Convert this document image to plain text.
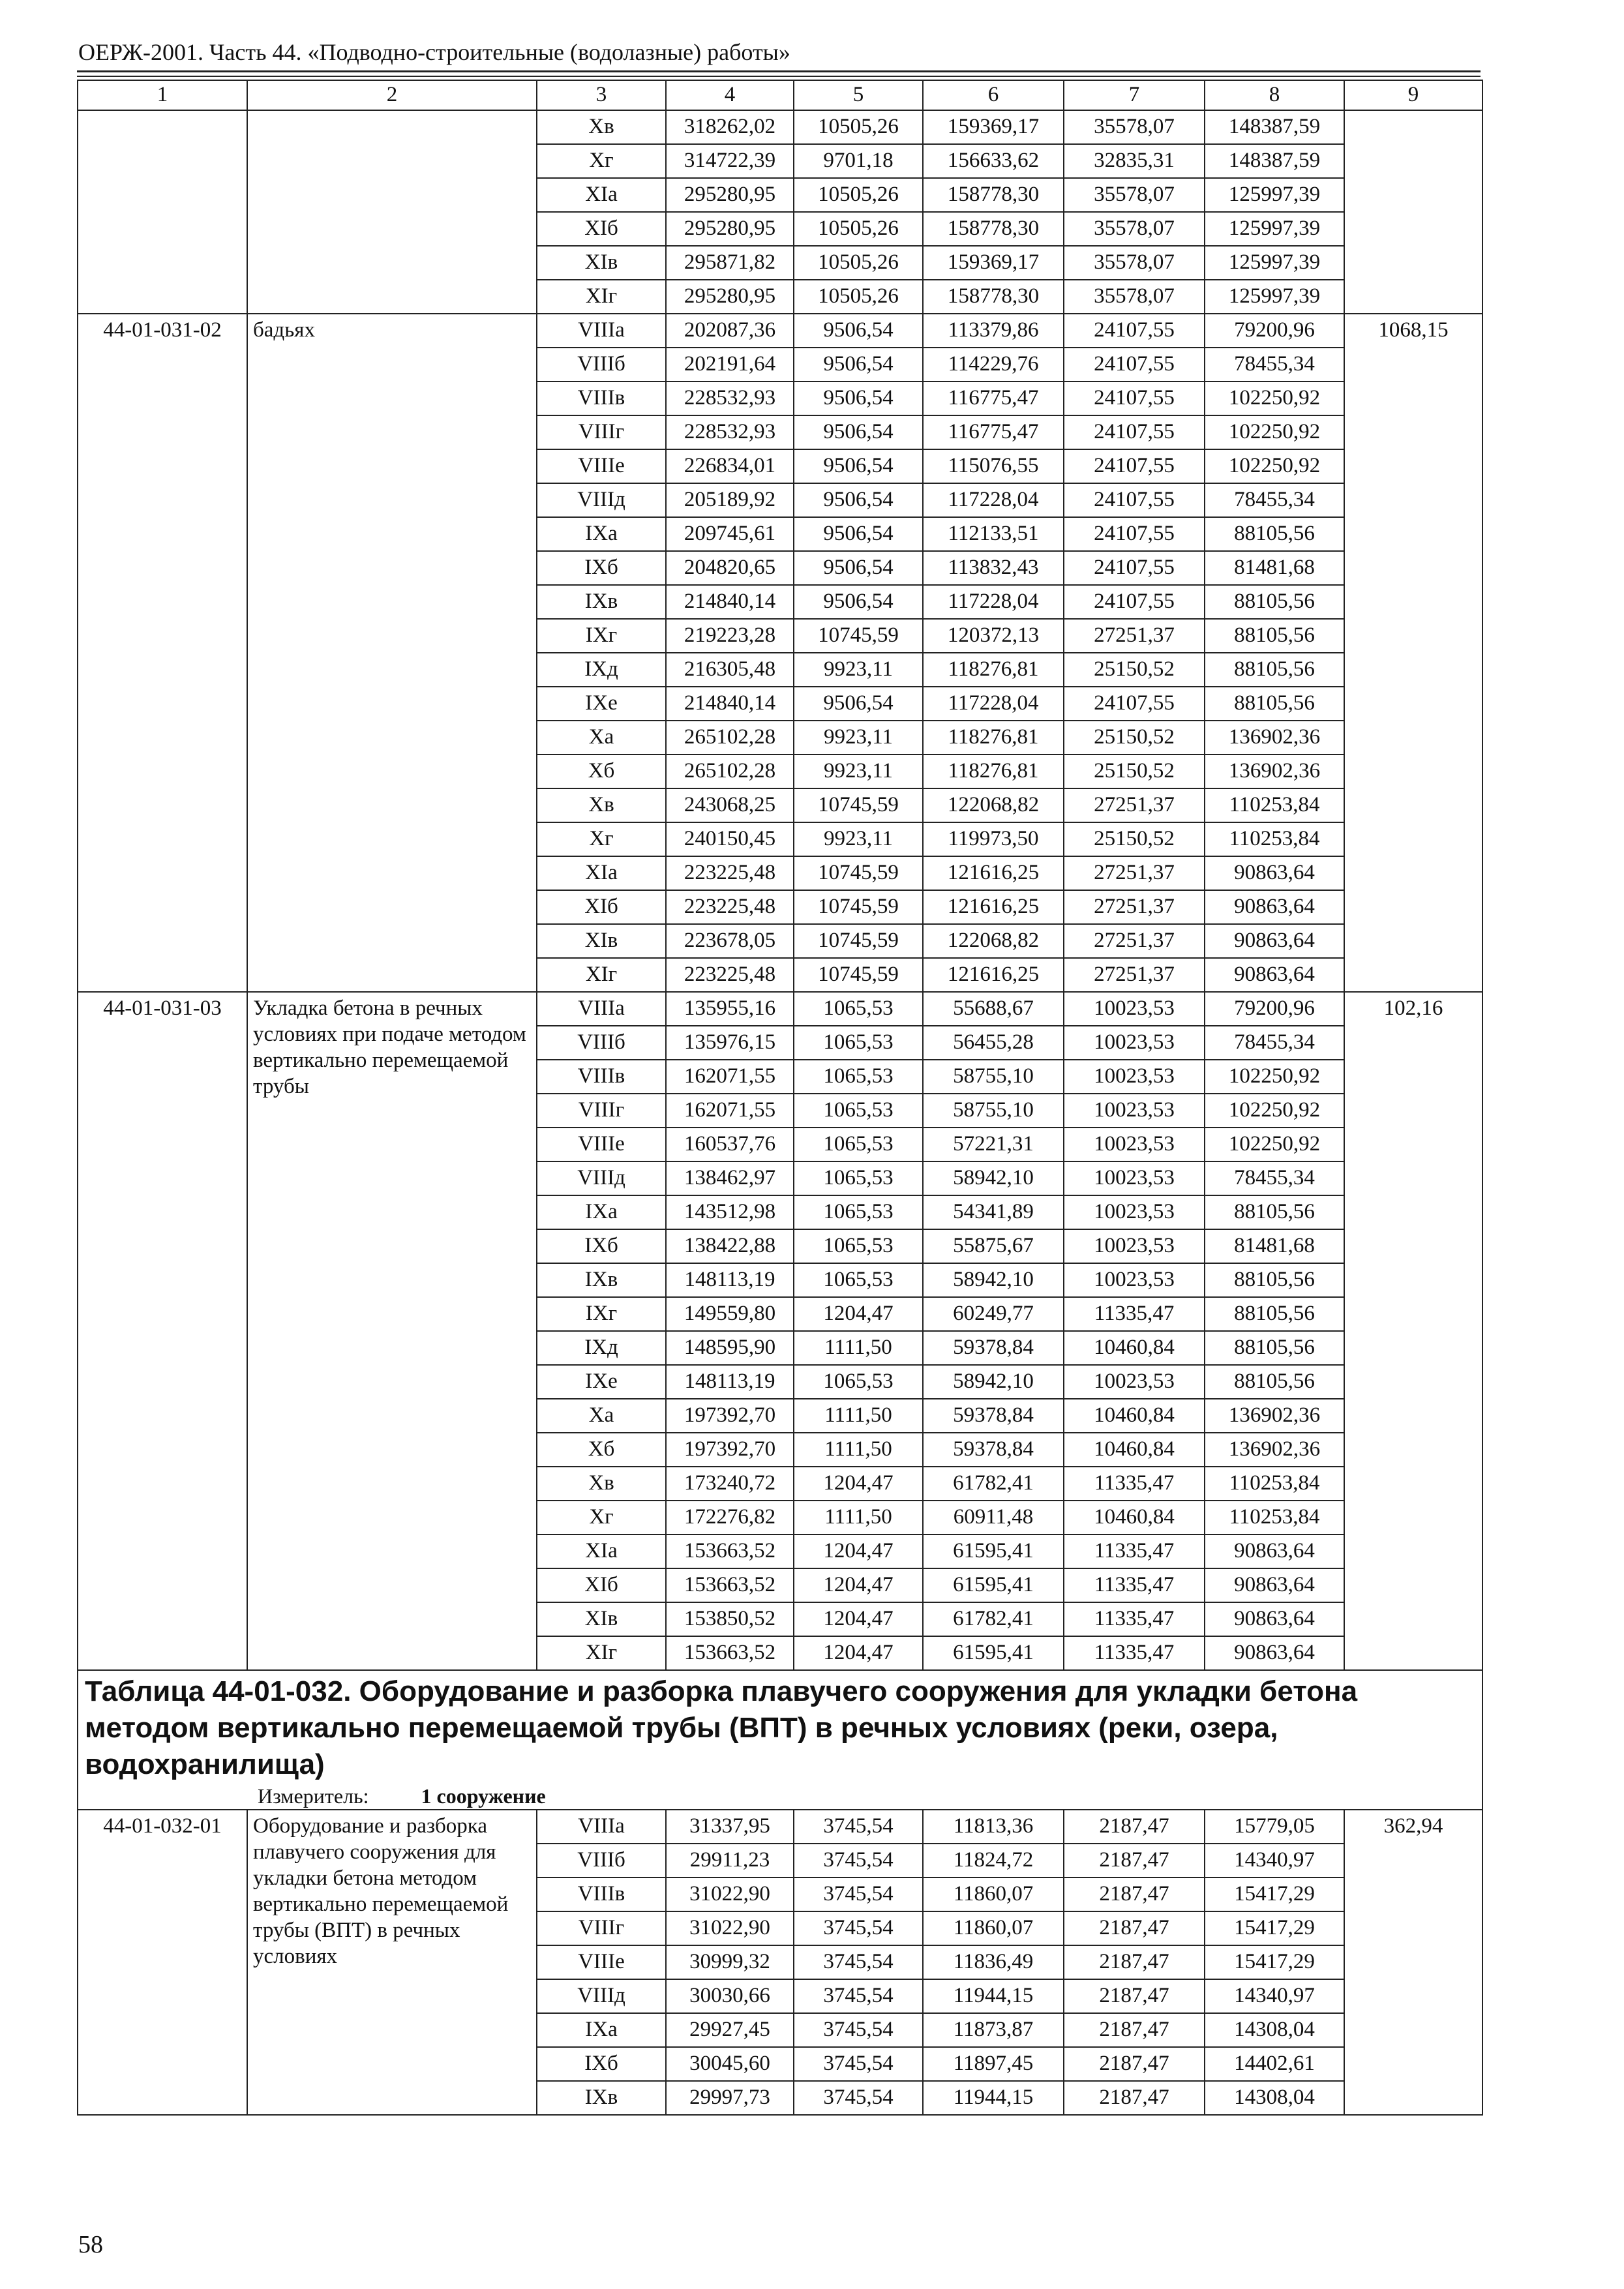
ОЕРЖ-2001. Часть 44. «Подводно-строительные (водолазные) работы»
1	2	3	4	5	6	7	8	9
		Хв	318262,02	10505,26	159369,17	35578,07	148387,59	
		Хг	314722,39	9701,18	156633,62	32835,31	148387,59	
		ХIа	295280,95	10505,26	158778,30	35578,07	125997,39	
		ХIб	295280,95	10505,26	158778,30	35578,07	125997,39	
		ХIв	295871,82	10505,26	159369,17	35578,07	125997,39	
		ХIг	295280,95	10505,26	158778,30	35578,07	125997,39	
44-01-031-02	бадьях	VIIIа	202087,36	9506,54	113379,86	24107,55	79200,96	1068,15
		VIIIб	202191,64	9506,54	114229,76	24107,55	78455,34	
		VIIIв	228532,93	9506,54	116775,47	24107,55	102250,92	
		VIIIг	228532,93	9506,54	116775,47	24107,55	102250,92	
		VIIIе	226834,01	9506,54	115076,55	24107,55	102250,92	
		VIIIд	205189,92	9506,54	117228,04	24107,55	78455,34	
		IХа	209745,61	9506,54	112133,51	24107,55	88105,56	
		IХб	204820,65	9506,54	113832,43	24107,55	81481,68	
		IХв	214840,14	9506,54	117228,04	24107,55	88105,56	
		IХг	219223,28	10745,59	120372,13	27251,37	88105,56	
		IХд	216305,48	9923,11	118276,81	25150,52	88105,56	
		IХе	214840,14	9506,54	117228,04	24107,55	88105,56	
		Ха	265102,28	9923,11	118276,81	25150,52	136902,36	
		Хб	265102,28	9923,11	118276,81	25150,52	136902,36	
		Хв	243068,25	10745,59	122068,82	27251,37	110253,84	
		Хг	240150,45	9923,11	119973,50	25150,52	110253,84	
		ХIа	223225,48	10745,59	121616,25	27251,37	90863,64	
		ХIб	223225,48	10745,59	121616,25	27251,37	90863,64	
		ХIв	223678,05	10745,59	122068,82	27251,37	90863,64	
		ХIг	223225,48	10745,59	121616,25	27251,37	90863,64	
44-01-031-03	Укладка бетона в речных условиях при подаче методом вертикально перемещаемой трубы	VIIIа	135955,16	1065,53	55688,67	10023,53	79200,96	102,16
		VIIIб	135976,15	1065,53	56455,28	10023,53	78455,34	
		VIIIв	162071,55	1065,53	58755,10	10023,53	102250,92	
		VIIIг	162071,55	1065,53	58755,10	10023,53	102250,92	
		VIIIе	160537,76	1065,53	57221,31	10023,53	102250,92	
		VIIIд	138462,97	1065,53	58942,10	10023,53	78455,34	
		IХа	143512,98	1065,53	54341,89	10023,53	88105,56	
		IХб	138422,88	1065,53	55875,67	10023,53	81481,68	
		IХв	148113,19	1065,53	58942,10	10023,53	88105,56	
		IХг	149559,80	1204,47	60249,77	11335,47	88105,56	
		IХд	148595,90	1111,50	59378,84	10460,84	88105,56	
		IХе	148113,19	1065,53	58942,10	10023,53	88105,56	
		Ха	197392,70	1111,50	59378,84	10460,84	136902,36	
		Хб	197392,70	1111,50	59378,84	10460,84	136902,36	
		Хв	173240,72	1204,47	61782,41	11335,47	110253,84	
		Хг	172276,82	1111,50	60911,48	10460,84	110253,84	
		ХIа	153663,52	1204,47	61595,41	11335,47	90863,64	
		ХIб	153663,52	1204,47	61595,41	11335,47	90863,64	
		ХIв	153850,52	1204,47	61782,41	11335,47	90863,64	
		ХIг	153663,52	1204,47	61595,41	11335,47	90863,64	
Таблица 44-01-032. Оборудование и разборка плавучего сооружения для укладки бетона методом вертикально перемещаемой трубы (ВПТ) в речных условиях (реки, озера, водохранилища)
Измеритель: 1 сооружение								

44-01-032-01	Оборудование и разборка плавучего сооружения для укладки бетона методом вертикально перемещаемой трубы (ВПТ) в речных условиях	VIIIа	31337,95	3745,54	11813,36	2187,47	15779,05	362,94
		VIIIб	29911,23	3745,54	11824,72	2187,47	14340,97	
		VIIIв	31022,90	3745,54	11860,07	2187,47	15417,29	
		VIIIг	31022,90	3745,54	11860,07	2187,47	15417,29	
		VIIIе	30999,32	3745,54	11836,49	2187,47	15417,29	
		VIIIд	30030,66	3745,54	11944,15	2187,47	14340,97	
		IХа	29927,45	3745,54	11873,87	2187,47	14308,04	
		IХб	30045,60	3745,54	11897,45	2187,47	14402,61	
		IХв	29997,73	3745,54	11944,15	2187,47	14308,04	
58
